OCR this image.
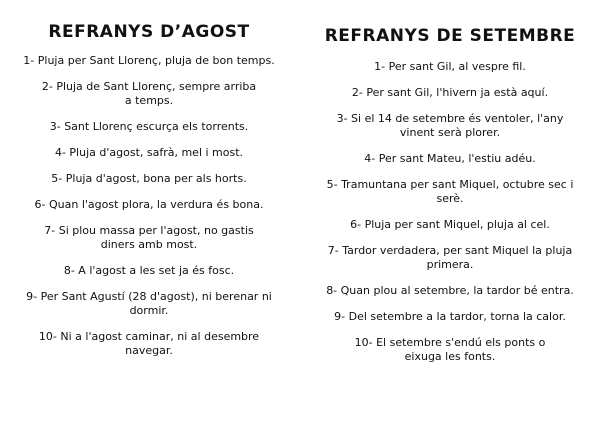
REFRANYS D’AGOST

1- Pluja per Sant Llorenç, pluja de bon temps.

2- Pluja de Sant Llorenç, sempre arriba a temps.

3- Sant Llorenç escurça els torrents.

4- Pluja d'agost, safrà, mel i most.

5- Pluja d'agost, bona per als horts.

6- Quan l'agost plora, la verdura és bona.

7- Si plou massa per l'agost, no gastis diners amb most.

8- A l'agost a les set ja és fosc.

9- Per Sant Agustí (28 d'agost), ni berenar ni dormir.

10- Ni a l'agost caminar, ni al desembre navegar.

REFRANYS DE SETEMBRE

1- Per sant Gil, al vespre fil.

2- Per sant Gil, l'hivern ja està aquí.

3- Si el 14 de setembre és ventoler, l'any vinent serà plorer.

4- Per sant Mateu, l'estiu adéu.

5- Tramuntana per sant Miquel, octubre sec i serè.

6- Pluja per sant Miquel, pluja al cel.

7- Tardor verdadera, per sant Miquel la pluja primera.

8- Quan plou al setembre, la tardor bé entra.

9- Del setembre a la tardor, torna la calor.

10- El setembre s'endú els ponts o eixuga les fonts.
